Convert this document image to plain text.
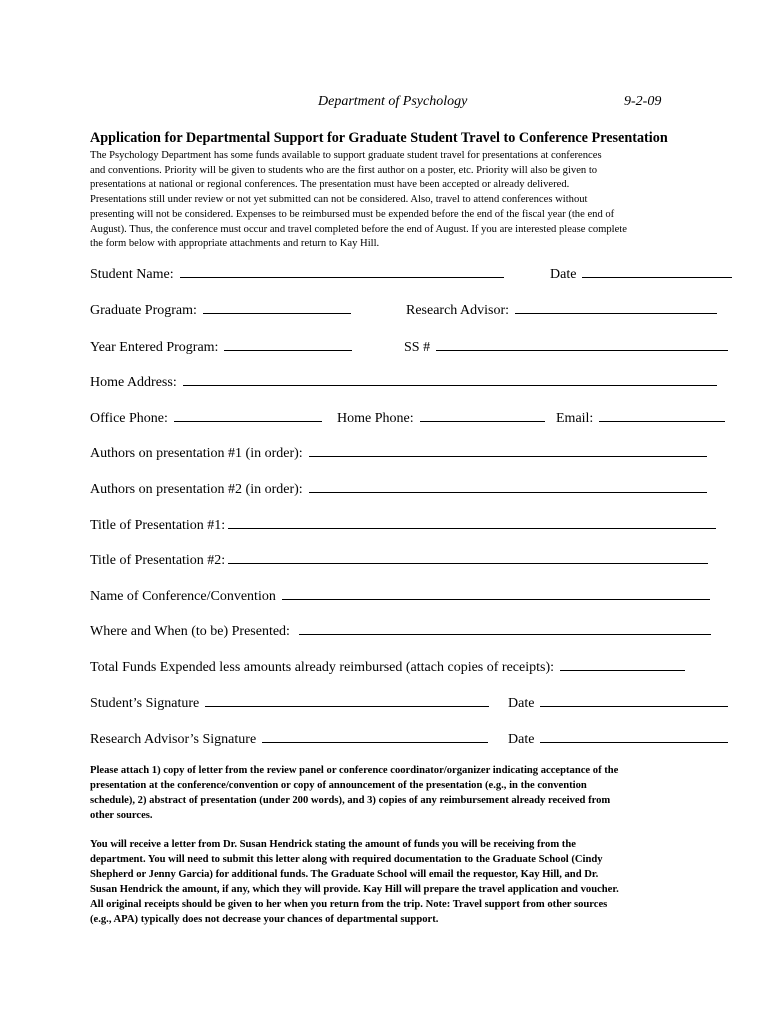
Department of Psychology	9-2-09
Application for Departmental Support for Graduate Student Travel to Conference Presentation
The Psychology Department has some funds available to support graduate student travel for presentations at conferences
and conventions. Priority will be given to students who are the first author on a poster, etc. Priority will also be given to
presentations at national or regional conferences. The presentation must have been accepted or already delivered.
Presentations still under review or not yet submitted can not be considered. Also, travel to attend conferences without
presenting will not be considered. Expenses to be reimbursed must be expended before the end of the fiscal year (the end of
August). Thus, the conference must occur and travel completed before the end of August. If you are interested please complete
the form below with appropriate attachments and return to Kay Hill.
Student Name:	Date
Graduate Program:	Research Advisor:
Year Entered Program:	SS #
Home Address:
Office Phone:	Home Phone:	Email:
Authors on presentation #1 (in order):
Authors on presentation #2 (in order):
Title of Presentation #1:
Title of Presentation #2:
Name of Conference/Convention
Where and When (to be) Presented:
Total Funds Expended less amounts already reimbursed (attach copies of receipts):
Student’s Signature	Date
Research Advisor’s Signature	Date
Please attach 1) copy of letter from the review panel or conference coordinator/organizer indicating acceptance of the
presentation at the conference/convention or copy of announcement of the presentation (e.g., in the convention
schedule), 2) abstract of presentation (under 200 words), and 3) copies of any reimbursement already received from
other sources.
You will receive a letter from Dr. Susan Hendrick stating the amount of funds you will be receiving from the
department. You will need to submit this letter along with required documentation to the Graduate School (Cindy
Shepherd or Jenny Garcia) for additional funds. The Graduate School will email the requestor, Kay Hill, and Dr.
Susan Hendrick the amount, if any, which they will provide. Kay Hill will prepare the travel application and voucher.
All original receipts should be given to her when you return from the trip. Note: Travel support from other sources
(e.g., APA) typically does not decrease your chances of departmental support.
